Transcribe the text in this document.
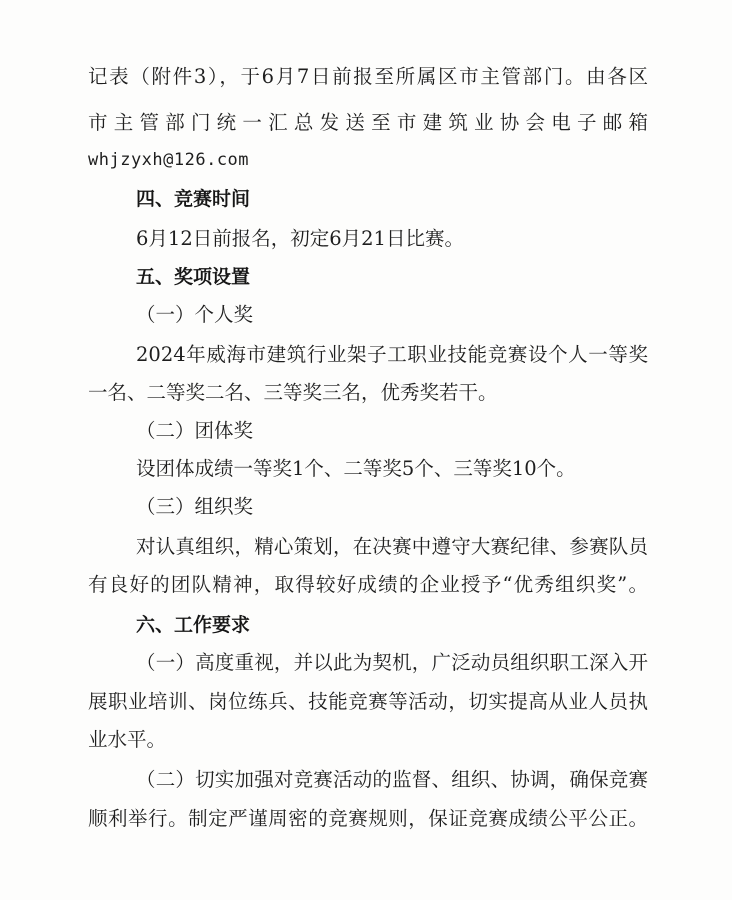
记表（附件3），于6月7日前报至所属区市主管部门。由各区
市主管部门统一汇总发送至市建筑业协会电子邮箱
whjzyxh@126.com
四、竞赛时间
6月12日前报名，初定6月21日比赛。
五、奖项设置
（一）个人奖
2024年威海市建筑行业架子工职业技能竞赛设个人一等奖
一名、二等奖二名、三等奖三名，优秀奖若干。
（二）团体奖
设团体成绩一等奖1个、二等奖5个、三等奖10个。
（三）组织奖
对认真组织，精心策划，在决赛中遵守大赛纪律、参赛队员
有良好的团队精神，取得较好成绩的企业授予“优秀组织奖”。
六、工作要求
（一）高度重视，并以此为契机，广泛动员组织职工深入开
展职业培训、岗位练兵、技能竞赛等活动，切实提高从业人员执
业水平。
（二）切实加强对竞赛活动的监督、组织、协调，确保竞赛
顺利举行。制定严谨周密的竞赛规则，保证竞赛成绩公平公正。
